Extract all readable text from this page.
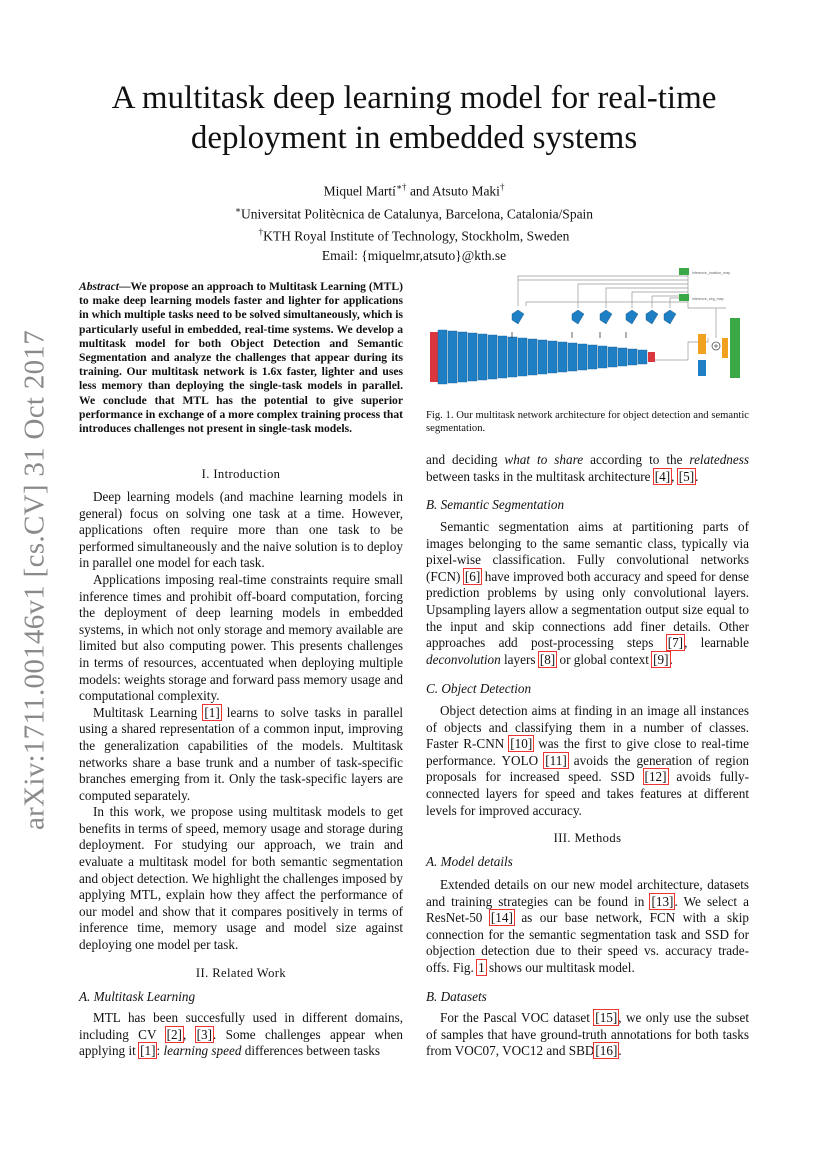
arXiv:1711.00146v1 [cs.CV] 31 Oct 2017
A multitask deep learning model for real-time
deployment in embedded systems
Miquel Martí∗† and Atsuto Maki†
∗Universitat Politècnica de Catalunya, Barcelona, Catalonia/Spain
†KTH Royal Institute of Technology, Stockholm, Sweden
Email: {miquelmr,atsuto}@kth.se
Abstract—We propose an approach to Multitask Learning (MTL) to make deep learning models faster and lighter for applications in which multiple tasks need to be solved simultaneously, which is particularly useful in embedded, real-time systems. We develop a multitask model for both Object Detection and Semantic Segmentation and analyze the challenges that appear during its training. Our multitask network is 1.6x faster, lighter and uses less memory than deploying the single-task models in parallel. We conclude that MTL has the potential to give superior performance in exchange of a more complex training process that introduces challenges not present in single-task models.
I. Introduction

Deep learning models (and machine learning models in general) focus on solving one task at a time. However, applications often require more than one task to be performed simultaneously and the naive solution is to deploy in parallel one model for each task.

Applications imposing real-time constraints require small inference times and prohibit off-board computation, forcing the deployment of deep learning models in embedded systems, in which not only storage and memory available are limited but also computing power. This presents challenges in terms of resources, accentuated when deploying multiple models: weights storage and forward pass memory usage and computational complexity.

Multitask Learning [1] learns to solve tasks in parallel using a shared representation of a common input, improving the generalization capabilities of the models. Multitask networks share a base trunk and a number of task-specific branches emerging from it. Only the task-specific layers are computed separately.

In this work, we propose using multitask models to get benefits in terms of speed, memory usage and storage during deployment. For studying our approach, we train and evaluate a multitask model for both semantic segmentation and object detection. We highlight the challenges imposed by applying MTL, explain how they affect the performance of our model and show that it compares positively in terms of inference time, memory usage and model size against deploying one model per task.

II. Related Work
A. Multitask Learning

MTL has been succesfully used in different domains, including CV [2], [3]. Some challenges appear when applying it [1]: learning speed differences between tasks

inference_location_map
inference_seg_map
Fig. 1. Our multitask network architecture for object detection and semantic segmentation.

and deciding what to share according to the relatedness between tasks in the multitask architecture [4], [5].

B. Semantic Segmentation

Semantic segmentation aims at partitioning parts of images belonging to the same semantic class, typically via pixel-wise classification. Fully convolutional networks (FCN) [6] have improved both accuracy and speed for dense prediction problems by using only convolutional layers. Upsampling layers allow a segmentation output size equal to the input and skip connections add finer details. Other approaches add post-processing steps [7], learnable deconvolution layers [8] or global context [9].

C. Object Detection

Object detection aims at finding in an image all instances of objects and classifying them in a number of classes. Faster R-CNN [10] was the first to give close to real-time performance. YOLO [11] avoids the generation of region proposals for increased speed. SSD [12] avoids fully-connected layers for speed and takes features at different levels for improved accuracy.

III. Methods
A. Model details

Extended details on our new model architecture, datasets and training strategies can be found in [13]. We select a ResNet-50 [14] as our base network, FCN with a skip connection for the semantic segmentation task and SSD for objection detection due to their speed vs. accuracy trade-offs. Fig. 1 shows our multitask model.

B. Datasets

For the Pascal VOC dataset [15], we only use the subset of samples that have ground-truth annotations for both tasks from VOC07, VOC12 and SBD[16].
